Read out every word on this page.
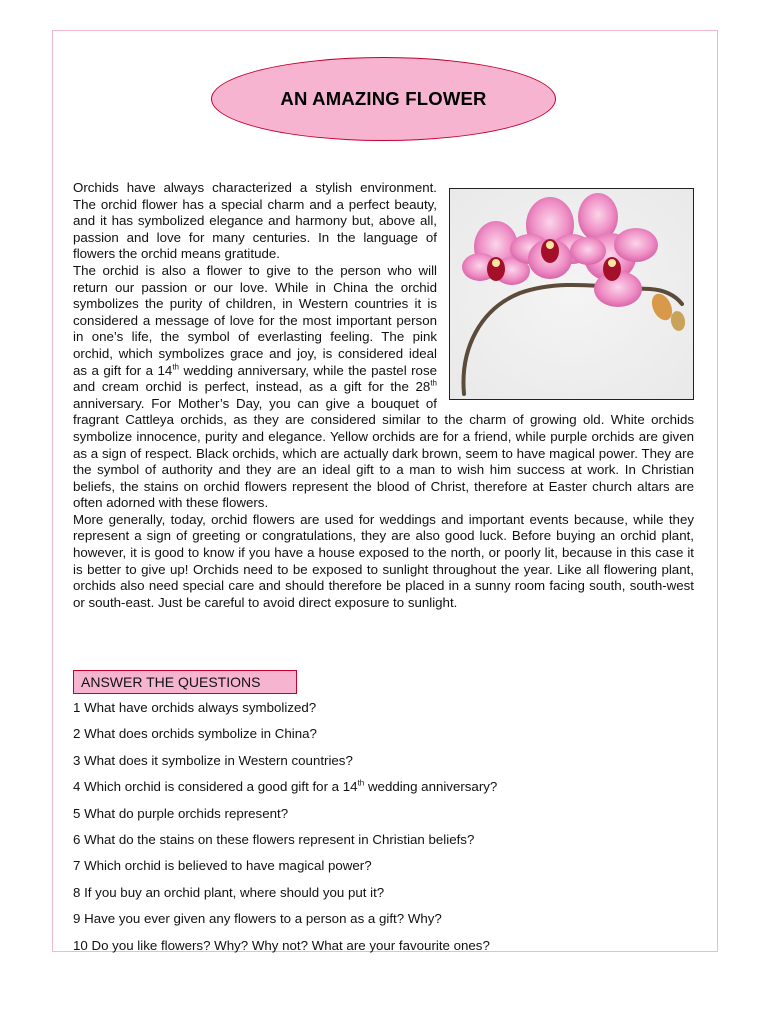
AN AMAZING FLOWER

Orchids have always characterized a stylish environment. The orchid flower has a special charm and a perfect beauty, and it has symbolized elegance and harmony but, above all, passion and love for many centuries. In the language of flowers the orchid means gratitude.

The orchid is also a flower to give to the person who will return our passion or our love. While in China the orchid symbolizes the purity of children, in Western countries it is considered a message of love for the most important person in one’s life, the symbol of everlasting feeling. The pink orchid, which symbolizes grace and joy, is considered ideal as a gift for a 14th wedding anniversary, while the pastel rose and cream orchid is perfect, instead, as a gift for the 28th anniversary. For Mother’s Day, you can give a bouquet of fragrant Cattleya orchids, as they are considered similar to the charm of growing old. White orchids symbolize innocence, purity and elegance. Yellow orchids are for a friend, while purple orchids are given as a sign of respect. Black orchids, which are actually dark brown, seem to have magical power. They are the symbol of authority and they are an ideal gift to a man to wish him success at work. In Christian beliefs, the stains on orchid flowers represent the blood of Christ, therefore at Easter church altars are often adorned with these flowers.

More generally, today, orchid flowers are used for weddings and important events because, while they represent a sign of greeting or congratulations, they are also good luck. Before buying an orchid plant, however, it is good to know if you have a house exposed to the north, or poorly lit, because in this case it is better to give up! Orchids need to be exposed to sunlight throughout the year. Like all flowering plant, orchids also need special care and should therefore be placed in a sunny room facing south, south-west or south-east. Just be careful to avoid direct exposure to sunlight.

ANSWER THE QUESTIONS
1 What have orchids always symbolized?
2 What does orchids symbolize in China?
3 What does it symbolize in Western countries?
4 Which orchid is considered a good gift for a 14th wedding anniversary?
5 What do purple orchids represent?
6 What do the stains on these flowers represent in Christian beliefs?
7 Which orchid is believed to have magical power?
8 If you buy an orchid plant, where should you put it?
9 Have you ever given any flowers to a person as a gift? Why?
10 Do you like flowers? Why? Why not? What are your favourite ones?
